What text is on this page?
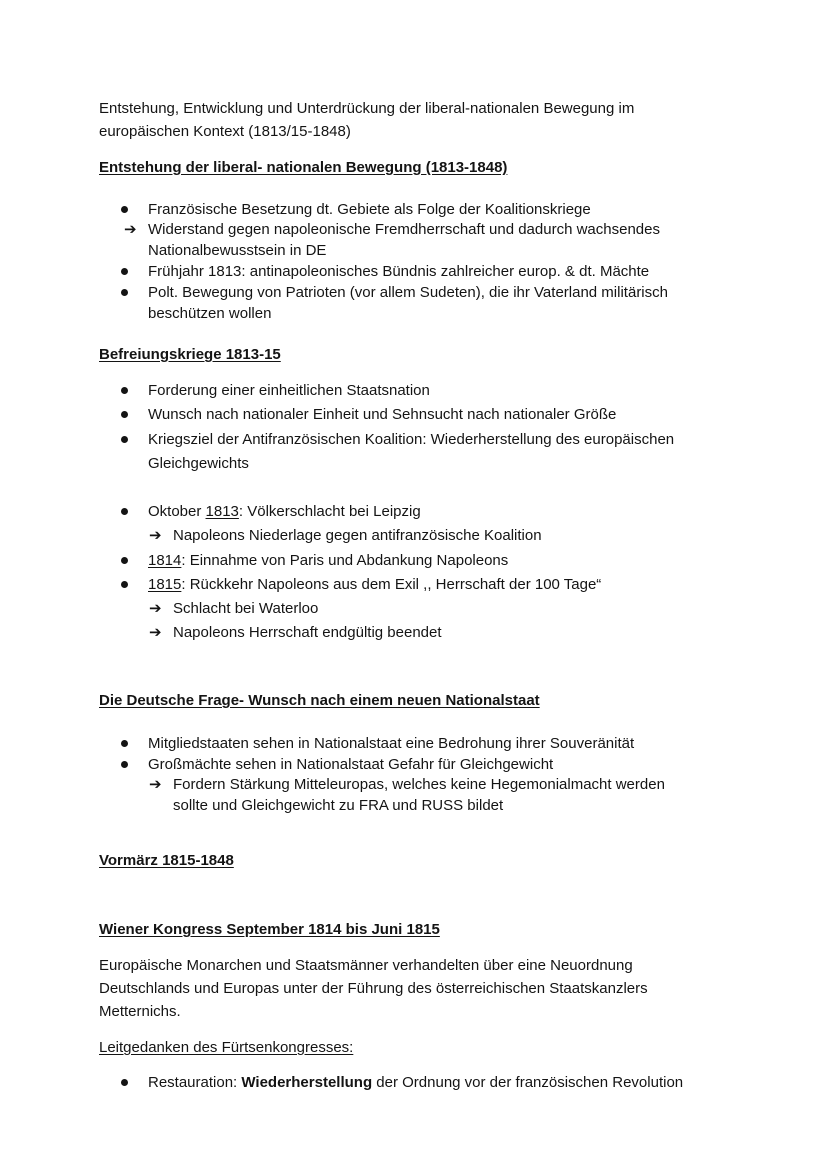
Entstehung, Entwicklung und Unterdrückung der liberal-nationalen Bewegung im
europäischen Kontext (1813/15-1848)
Entstehung der liberal- nationalen Bewegung (1813-1848)
Französische Besetzung dt. Gebiete als Folge der Koalitionskriege
➔ Widerstand gegen napoleonische Fremdherrschaft und dadurch wachsendes
Nationalbewusstsein in DE
Frühjahr 1813: antinapoleonisches Bündnis zahlreicher europ. & dt. Mächte
Polt. Bewegung von Patrioten (vor allem Sudeten), die ihr Vaterland militärisch
beschützen wollen
Befreiungskriege 1813-15
Forderung einer einheitlichen Staatsnation
Wunsch nach nationaler Einheit und Sehnsucht nach nationaler Größe
Kriegsziel der Antifranzösischen Koalition: Wiederherstellung des europäischen
Gleichgewichts
Oktober 1813: Völkerschlacht bei Leipzig
➔ Napoleons Niederlage gegen antifranzösische Koalition
1814: Einnahme von Paris und Abdankung Napoleons
1815: Rückkehr Napoleons aus dem Exil ,, Herrschaft der 100 Tage“
➔ Schlacht bei Waterloo
➔ Napoleons Herrschaft endgültig beendet
Die Deutsche Frage- Wunsch nach einem neuen Nationalstaat
Mitgliedstaaten sehen in Nationalstaat eine Bedrohung ihrer Souveränität
Großmächte sehen in Nationalstaat Gefahr für Gleichgewicht
➔ Fordern Stärkung Mitteleuropas, welches keine Hegemonialmacht werden
sollte und Gleichgewicht zu FRA und RUSS bildet
Vormärz 1815-1848
Wiener Kongress September 1814 bis Juni 1815
Europäische Monarchen und Staatsmänner verhandelten über eine Neuordnung
Deutschlands und Europas unter der Führung des österreichischen Staatskanzlers
Metternichs.
Leitgedanken des Fürtsenkongresses:
Restauration: Wiederherstellung der Ordnung vor der französischen Revolution
